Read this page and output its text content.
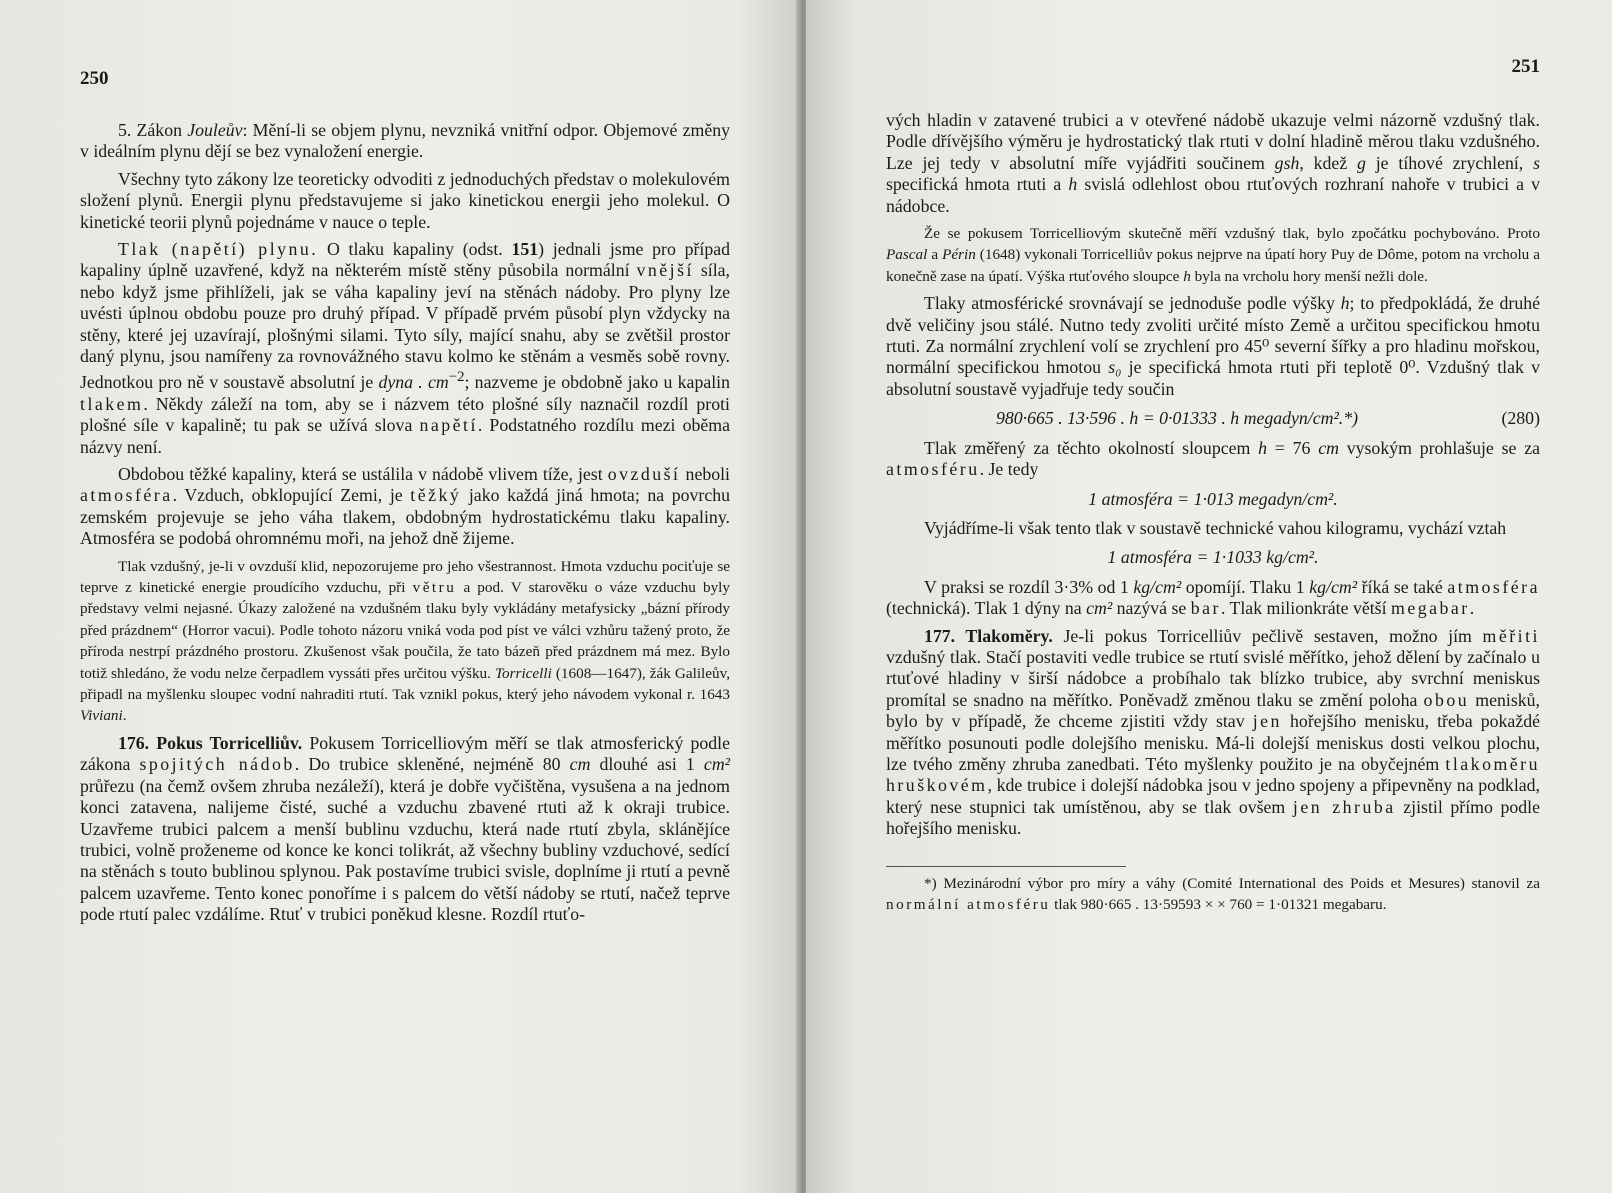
250

5. Zákon Jouleův: Mění-li se objem plynu, nevzniká vnitřní odpor. Objemové změny v ideálním plynu dějí se bez vynaložení energie.

Všechny tyto zákony lze teoreticky odvoditi z jednoduchých představ o molekulovém složení plynů. Energii plynu představujeme si jako kinetickou energii jeho molekul. O kinetické teorii plynů pojednáme v nauce o teple.

Tlak (napětí) plynu. O tlaku kapaliny (odst. 151) jednali jsme pro případ kapaliny úplně uzavřené, když na některém místě stěny působila normální vnější síla, nebo když jsme přihlíželi, jak se váha kapaliny jeví na stěnách nádoby. Pro plyny lze uvésti úplnou obdobu pouze pro druhý případ. V případě prvém působí plyn vždycky na stěny, které jej uzavírají, plošnými silami. Tyto síly, mající snahu, aby se zvětšil prostor daný plynu, jsou namířeny za rovnovážného stavu kolmo ke stěnám a vesměs sobě rovny. Jednotkou pro ně v soustavě absolutní je dyna . $cm^{-2}$; nazveme je obdobně jako u kapalin tlakem. Někdy záleží na tom, aby se i názvem této plošné síly naznačil rozdíl proti plošné síle v kapalině; tu pak se užívá slova napětí. Podstatného rozdílu mezi oběma názvy není.

Obdobou těžké kapaliny, která se ustálila v nádobě vlivem tíže, jest ovzduší neboli atmosféra. Vzduch, obklopující Zemi, je těžký jako každá jiná hmota; na povrchu zemském projevuje se jeho váha tlakem, obdobným hydrostatickému tlaku kapaliny. Atmosféra se podobá ohromnému moři, na jehož dně žijeme.

Tlak vzdušný, je-li v ovzduší klid, nepozorujeme pro jeho všestrannost. Hmota vzduchu pociťuje se teprve z kinetické energie proudícího vzduchu, při větru a pod. V starověku o váze vzduchu byly představy velmi nejasné. Úkazy založené na vzdušném tlaku byly vykládány metafysicky „bázní přírody před prázdnem“ (Horror vacui). Podle tohoto názoru vniká voda pod píst ve válci vzhůru tažený proto, že příroda nestrpí prázdného prostoru. Zkušenost však poučila, že tato bázeň před prázdnem má mez. Bylo totiž shledáno, že vodu nelze čerpadlem vyssáti přes určitou výšku. Torricelli (1608—1647), žák Galileův, připadl na myšlenku sloupec vodní nahraditi rtutí. Tak vznikl pokus, který jeho návodem vykonal r. 1643 Viviani.

176. Pokus Torricelliův. Pokusem Torricelliovým měří se tlak atmosferický podle zákona spojitých nádob. Do trubice skleněné, nejméně 80 cm dlouhé asi 1 cm² průřezu (na čemž ovšem zhruba nezáleží), která je dobře vyčištěna, vysušena a na jednom konci zatavena, nalijeme čisté, suché a vzduchu zbavené rtuti až k okraji trubice. Uzavřeme trubici palcem a menší bublinu vzduchu, která nade rtutí zbyla, sklánějíce trubici, volně proženeme od konce ke konci tolikrát, až všechny bubliny vzduchové, sedící na stěnách s touto bublinou splynou. Pak postavíme trubici svisle, doplníme ji rtutí a pevně palcem uzavřeme. Tento konec ponoříme i s palcem do větší nádoby se rtutí, načež teprve pode rtutí palec vzdálíme. Rtuť v trubici poněkud klesne. Rozdíl rtuťo-

251

vých hladin v zatavené trubici a v otevřené nádobě ukazuje velmi názorně vzdušný tlak. Podle dřívějšího výměru je hydrostatický tlak rtuti v dolní hladině měrou tlaku vzdušného. Lze jej tedy v absolutní míře vyjádřiti součinem gsh, kdež g je tíhové zrychlení, s specifická hmota rtuti a h svislá odlehlost obou rtuťových rozhraní nahoře v trubici a v nádobce.

Že se pokusem Torricelliovým skutečně měří vzdušný tlak, bylo zpočátku pochybováno. Proto Pascal a Périn (1648) vykonali Torricelliův pokus nejprve na úpatí hory Puy de Dôme, potom na vrcholu a konečně zase na úpatí. Výška rtuťového sloupce h byla na vrcholu hory menší nežli dole.

Tlaky atmosférické srovnávají se jednoduše podle výšky h; to předpokládá, že druhé dvě veličiny jsou stálé. Nutno tedy zvoliti určité místo Země a určitou specifickou hmotu rtuti. Za normální zrychlení volí se zrychlení pro 45⁰ severní šířky a pro hladinu mořskou, normální specifickou hmotou s₀ je specifická hmota rtuti při teplotě 0⁰. Vzdušný tlak v absolutní soustavě vyjadřuje tedy součin

980·665 . 13·596 . h = 0·01333 . h megadyn/cm².*)	(280)

Tlak změřený za těchto okolností sloupcem h = 76 cm vysokým prohlašuje se za atmosféru. Je tedy

1 atmosféra = 1·013 megadyn/cm².

Vyjádříme-li však tento tlak v soustavě technické vahou kilogramu, vychází vztah

1 atmosféra = 1·1033 kg/cm².

V praksi se rozdíl 3·3% od 1 kg/cm² opomíjí. Tlaku 1 kg/cm² říká se také atmosféra (technická). Tlak 1 dýny na cm² nazývá se bar. Tlak milionkráte větší megabar.

177. Tlakoměry. Je-li pokus Torricelliův pečlivě sestaven, možno jím měřiti vzdušný tlak. Stačí postaviti vedle trubice se rtutí svislé měřítko, jehož dělení by začínalo u rtuťové hladiny v širší nádobce a probíhalo tak blízko trubice, aby svrchní meniskus promítal se snadno na měřítko. Poněvadž změnou tlaku se změní poloha obou menisků, bylo by v případě, že chceme zjistiti vždy stav jen hořejšího menisku, třeba pokaždé měřítko posunouti podle dolejšího menisku. Má-li dolejší meniskus dosti velkou plochu, lze tvého změny zhruba zanedbati. Této myšlenky použito je na obyčejném tlakoměru hruškovém, kde trubice i dolejší nádobka jsou v jedno spojeny a připevněny na podklad, který nese stupnici tak umístěnou, aby se tlak ovšem jen zhruba zjistil přímo podle hořejšího menisku.

*) Mezinárodní výbor pro míry a váhy (Comité International des Poids et Mesures) stanovil za normální atmosféru tlak 980·665 . 13·59593 × × 760 = 1·01321 megabaru.
